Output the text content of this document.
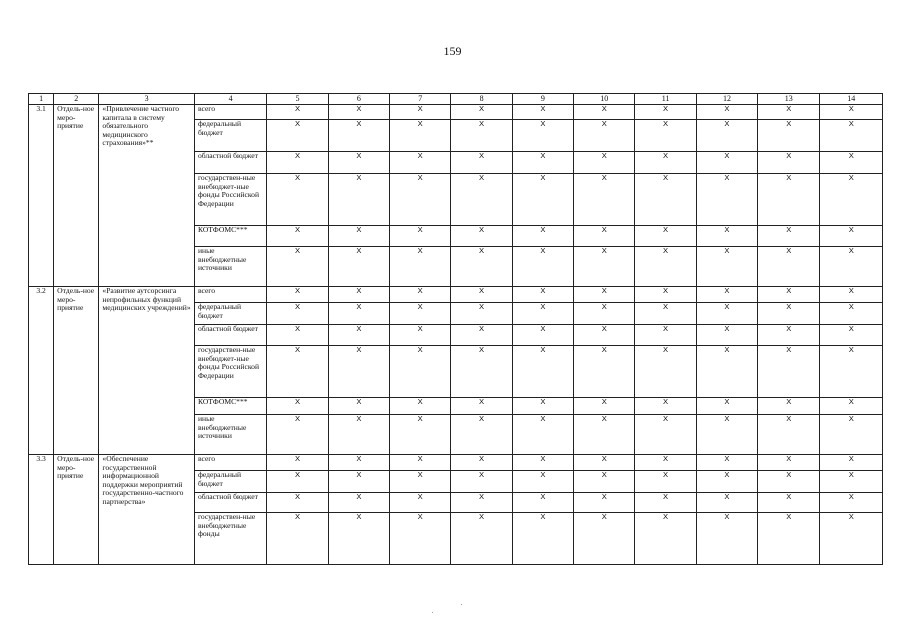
159
1	2	3	4	5	6	7	8	9	10	11	12	13	14
3.1	Отдель-ное меро-приятие	«Привлечение частного капитала в систему обязательного медицинского страхования»**	всего	X	X	X	X	X	X	X	X	X	X
			федеральный бюджет	X	X	X	X	X	X	X	X	X	X
			областной бюджет	X	X	X	X	X	X	X	X	X	X
			государствен-ные внебюджет-ные фонды Российской Федерации	X	X	X	X	X	X	X	X	X	X
			КОТФОМС***	X	X	X	X	X	X	X	X	X	X
			иные внебюджетные источники	X	X	X	X	X	X	X	X	X	X
3.2	Отдель-ное меро-приятие	«Развитие аутсорсинга непрофильных функций медицинских учреждений»	всего	X	X	X	X	X	X	X	X	X	X
			федеральный бюджет	X	X	X	X	X	X	X	X	X	X
			областной бюджет	X	X	X	X	X	X	X	X	X	X
			государствен-ные внебюджет-ные фонды Российской Федерации	X	X	X	X	X	X	X	X	X	X
			КОТФОМС***	X	X	X	X	X	X	X	X	X	X
			иные внебюджетные источники	X	X	X	X	X	X	X	X	X	X
3.3	Отдель-ное меро-приятие	«Обеспечение государственной информационной поддержки мероприятий государственно-частного партнерства»	всего	X	X	X	X	X	X	X	X	X	X
			федеральный бюджет	X	X	X	X	X	X	X	X	X	X
			областной бюджет	X	X	X	X	X	X	X	X	X	X
			государствен-ные внебюджетные фонды	X	X	X	X	X	X	X	X	X	X
